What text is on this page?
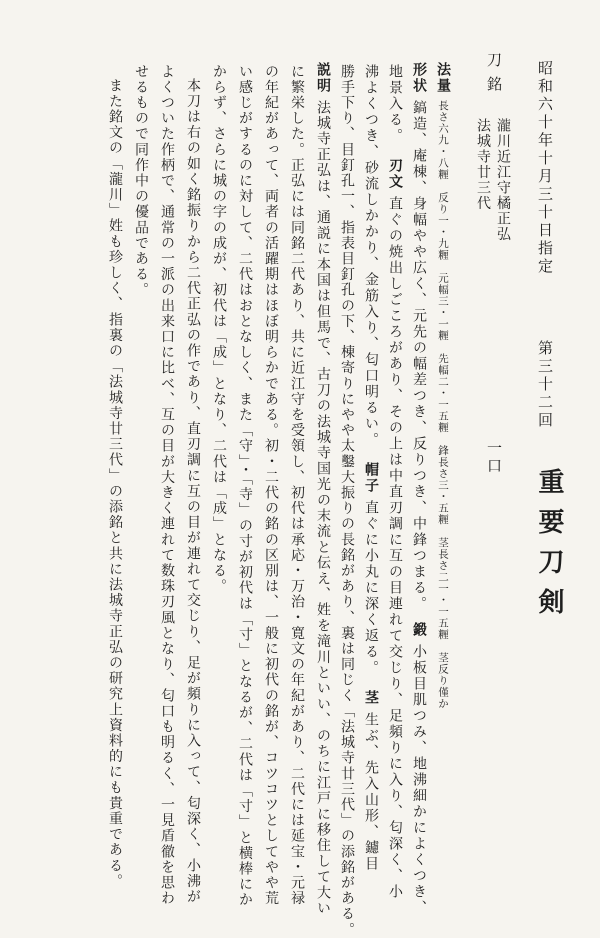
重要刀剣
第三十二回
昭和六十年十月三十日指定
一口
刀
銘
瀧川近江守橘正弘
法城寺廿三代
法量長さ六九・八糎　反り一・九糎　元幅三・一糎　先幅二・一五糎　鋒長さ三・五糎　茎長さ二一・一五糎　茎反り僅か
形状鎬造、庵棟、身幅やや広く、元先の幅差つき、反りつき、中鋒つまる。鍛小板目肌つみ、地沸細かによくつき、
地景入る。刃文直ぐの焼出しごころがあり、その上は中直刃調に互の目連れて交じり、足頻りに入り、匂深く、小
沸よくつき、砂流しかかり、金筋入り、匂口明るい。帽子直ぐに小丸に深く返る。茎生ぶ、先入山形、鑢目
勝手下り、目釘孔一、指表目釘孔の下、棟寄りにやや太鑿大振りの長銘があり、裏は同じく「法城寺廿三代」の添銘がある。
説明法城寺正弘は、通説に本国は但馬で、古刀の法城寺国光の末流と伝え、姓を滝川といい、のちに江戸に移住して大い
に繁栄した。正弘には同銘二代あり、共に近江守を受領し、初代は承応・万治・寛文の年紀があり、二代には延宝・元禄
の年紀があって、両者の活躍期はほぼ明らかである。初・二代の銘の区別は、一般に初代の銘が、コツコツとしてやや荒
い感じがするのに対して、二代はおとなしく、また「守」・「寺」の寸が初代は「寸」となるが、二代は「寸」と横棒にか
からず、さらに城の字の成が、初代は「成」となり、二代は「成」となる。
本刀は右の如く銘振りから二代正弘の作であり、直刃調に互の目が連れて交じり、足が頻りに入って、匂深く、小沸が
よくついた作柄で、通常の一派の出来口に比べ、互の目が大きく連れて数珠刃風となり、匂口も明るく、一見盾徹を思わ
せるもので同作中の優品である。
また銘文の「瀧川」姓も珍しく、指裏の「法城寺廿三代」の添銘と共に法城寺正弘の研究上資料的にも貴重である。
